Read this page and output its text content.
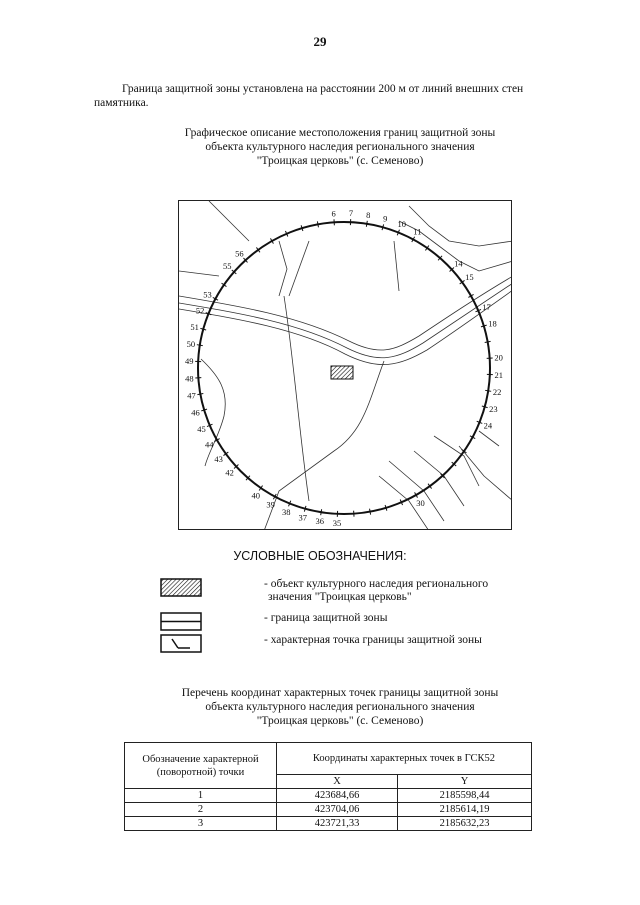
29
Граница защитной зоны установлена на расстоянии 200 м от линий внешних стен
памятника.
Графическое описание местоположения границ защитной зоны
объекта культурного наследия регионального значения
"Троицкая церковь" (с. Семеново)
6 7 8 9
10
11
14
15
17
18
20
21
22
23
24
30
35
36
37
38
39
40
42
43
44
45
46
47
48
49
50
51
52
53
55
56
УСЛОВНЫЕ ОБОЗНАЧЕНИЯ:
- объект культурного наследия регионального
значения "Троицкая церковь"
- граница защитной зоны
- характерная точка границы защитной зоны
Перечень координат характерных точек границы защитной зоны
объекта культурного наследия регионального значения
"Троицкая церковь" (с. Семеново)
Обозначение характерной (поворотной) точки	Координаты характерных точек в ГСК52	
	X	Y
1	423684,66	2185598,44
2	423704,06	2185614,19
3	423721,33	2185632,23
